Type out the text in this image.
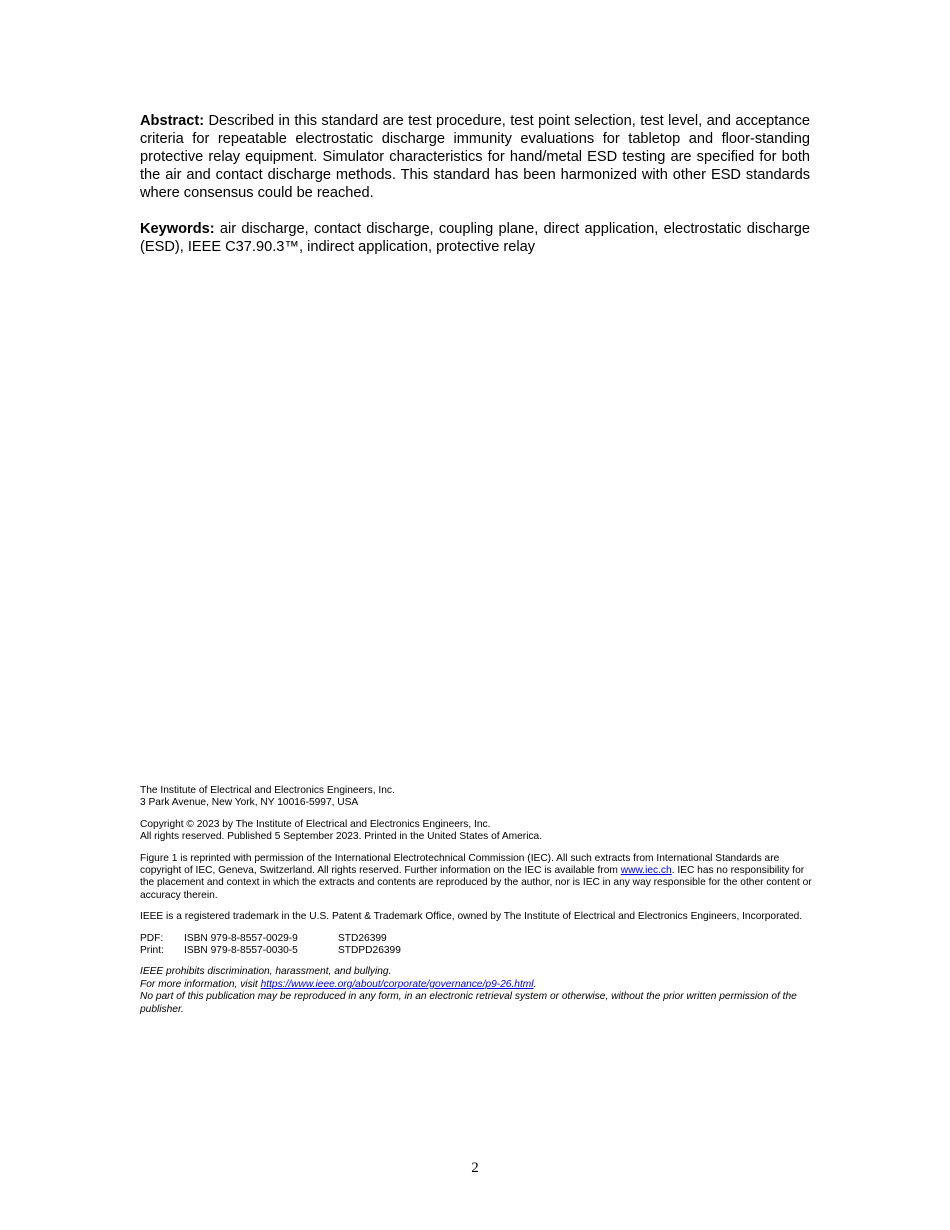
Abstract: Described in this standard are test procedure, test point selection, test level, and acceptance criteria for repeatable electrostatic discharge immunity evaluations for tabletop and floor-standing protective relay equipment. Simulator characteristics for hand/metal ESD testing are specified for both the air and contact discharge methods. This standard has been harmonized with other ESD standards where consensus could be reached.

Keywords: air discharge, contact discharge, coupling plane, direct application, electrostatic discharge (ESD), IEEE C37.90.3™, indirect application, protective relay

The Institute of Electrical and Electronics Engineers, Inc.
3 Park Avenue, New York, NY 10016-5997, USA

Copyright © 2023 by The Institute of Electrical and Electronics Engineers, Inc.
All rights reserved. Published 5 September 2023. Printed in the United States of America.

Figure 1 is reprinted with permission of the International Electrotechnical Commission (IEC). All such extracts from International Standards are copyright of IEC, Geneva, Switzerland. All rights reserved. Further information on the IEC is available from www.iec.ch. IEC has no responsibility for the placement and context in which the extracts and contents are reproduced by the author, nor is IEC in any way responsible for the other content or accuracy therein.

IEEE is a registered trademark in the U.S. Patent & Trademark Office, owned by The Institute of Electrical and Electronics Engineers, Incorporated.

PDF:	ISBN 979-8-8557-0029-9	STD26399
Print:	ISBN 979-8-8557-0030-5	STDPD26399

IEEE prohibits discrimination, harassment, and bullying.
For more information, visit https://www.ieee.org/about/corporate/governance/p9-26.html.
No part of this publication may be reproduced in any form, in an electronic retrieval system or otherwise, without the prior written permission of the publisher.

2
